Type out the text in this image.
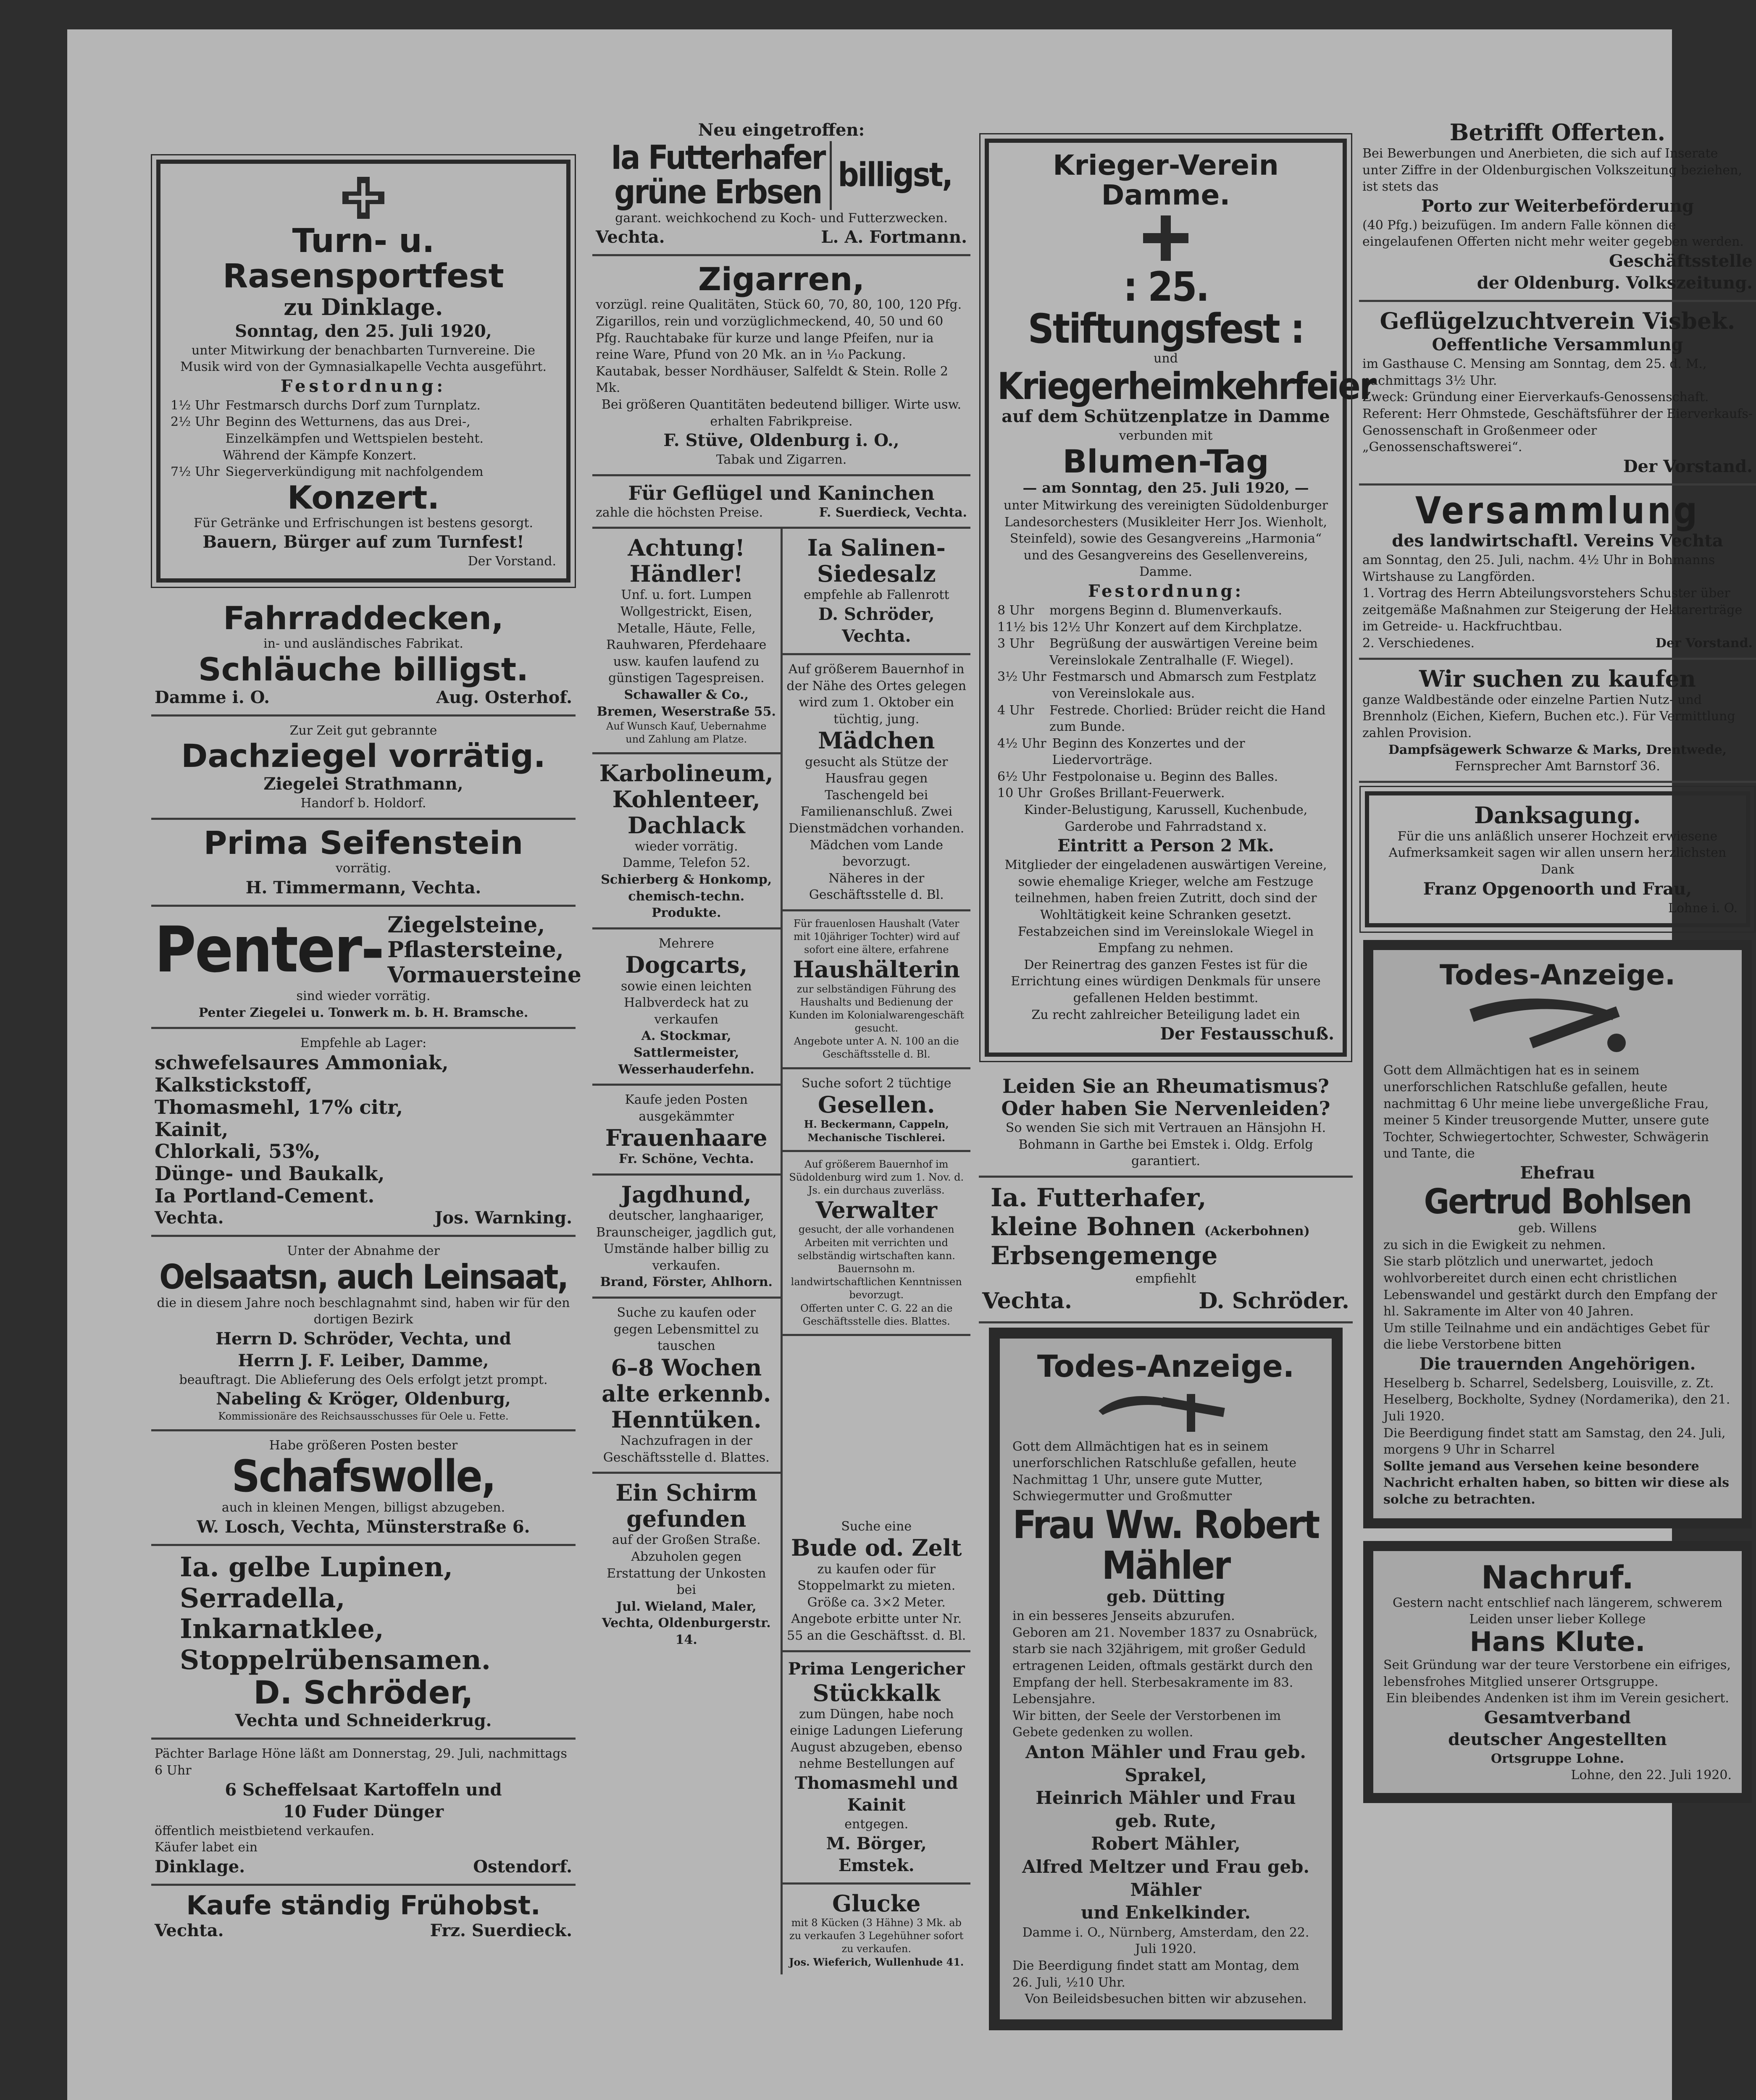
Turn- u. Rasensportfest
zu Dinklage.
Sonntag, den 25. Juli 1920,
unter Mitwirkung der benachbarten Turnvereine. Die Musik wird von der Gymnasialkapelle Vechta ausgeführt.
Festordnung:
1½ Uhr Festmarsch durchs Dorf zum Turnplatz.
2½ Uhr Beginn des Wetturnens, das aus Drei-, Einzelkämpfen und Wettspielen besteht.
Während der Kämpfe Konzert.
7½ Uhr Siegerverkündigung mit nachfolgendem
Konzert.
Für Getränke und Erfrischungen ist bestens gesorgt.
Bauern, Bürger auf zum Turnfest!
Der Vorstand.
Fahrraddecken,
in- und ausländisches Fabrikat.
Schläuche billigst.
Damme i. O.	Aug. Osterhof.
Zur Zeit gut gebrannte
Dachziegel vorrätig.
Ziegelei Strathmann,
Handorf b. Holdorf.
Prima Seifenstein
vorrätig.
H. Timmermann, Vechta.
Penter- Ziegelsteine,
Pflastersteine,
Vormauersteine
sind wieder vorrätig.
Penter Ziegelei u. Tonwerk m. b. H. Bramsche.
Empfehle ab Lager:
schwefelsaures Ammoniak,
Kalkstickstoff,
Thomasmehl, 17% citr,
Kainit,
Chlorkali, 53%,
Dünge- und Baukalk,
Ia Portland-Cement.
Vechta.	Jos. Warnking.
Unter der Abnahme der
Oelsaatsn, auch Leinsaat,
die in diesem Jahre noch beschlagnahmt sind, haben wir für den dortigen Bezirk
Herrn D. Schröder, Vechta, und
Herrn J. F. Leiber, Damme,
beauftragt. Die Ablieferung des Oels erfolgt jetzt prompt.
Nabeling & Kröger, Oldenburg,
Kommissionäre des Reichsausschusses für Oele u. Fette.
Habe größeren Posten bester
Schafswolle,
auch in kleinen Mengen, billigst abzugeben.
W. Losch, Vechta, Münsterstraße 6.
Ia. gelbe Lupinen,
Serradella,
Inkarnatklee,
Stoppelrübensamen.
D. Schröder,
Vechta und Schneiderkrug.
Pächter Barlage Höne läßt am Donnerstag, 29. Juli, nachmittags 6 Uhr
6 Scheffelsaat Kartoffeln und
10 Fuder Dünger
öffentlich meistbietend verkaufen.
Käufer labet ein
Dinklage.	Ostendorf.
Kaufe ständig Frühobst.
Vechta.	Frz. Suerdieck.
Neu eingetroffen:
Ia Futterhafer
grüne Erbsen billigst,
garant. weichkochend zu Koch- und Futterzwecken.
Vechta.	L. A. Fortmann.
Zigarren,
vorzügl. reine Qualitäten, Stück 60, 70, 80, 100, 120 Pfg. Zigarillos, rein und vorzüglichmeckend, 40, 50 und 60 Pfg. Rauchtabake für kurze und lange Pfeifen, nur ia reine Ware, Pfund von 20 Mk. an in ¹⁄₁₀ Packung. Kautabak, besser Nordhäuser, Salfeldt & Stein. Rolle 2 Mk.
Bei größeren Quantitäten bedeutend billiger. Wirte usw. erhalten Fabrikpreise.
F. Stüve, Oldenburg i. O.,
Tabak und Zigarren.
Für Geflügel und Kaninchen
zahle die höchsten Preise.	F. Suerdieck, Vechta.
Achtung!
Händler!
Unf. u. fort. Lumpen Wollgestrickt, Eisen, Metalle, Häute, Felle, Rauhwaren, Pferdehaare usw. kaufen laufend zu günstigen Tagespreisen.
Schawaller & Co., Bremen, Weserstraße 55.
Auf Wunsch Kauf, Uebernahme und Zahlung am Platze.
Karbolineum,
Kohlenteer,
Dachlack
wieder vorrätig.
Damme, Telefon 52.
Schierberg & Honkomp, chemisch-techn. Produkte.
Mehrere
Dogcarts,
sowie einen leichten Halbverdeck hat zu verkaufen
A. Stockmar, Sattlermeister, Wesserhauderfehn.
Kaufe jeden Posten ausgekämmter
Frauenhaare
Fr. Schöne, Vechta.
Jagdhund,
deutscher, langhaariger, Braunscheiger, jagdlich gut, Umstände halber billig zu verkaufen.
Brand, Förster, Ahlhorn.
Suche zu kaufen oder gegen Lebensmittel zu tauschen
6–8 Wochen
alte erkennb.
Henntüken.
Nachzufragen in der Geschäftsstelle d. Blattes.
Ein Schirm
gefunden
auf der Großen Straße. Abzuholen gegen Erstattung der Unkosten bei
Jul. Wieland, Maler, Vechta, Oldenburgerstr. 14.
Ia Salinen-
Siedesalz
empfehle ab Fallenrott
D. Schröder, Vechta.
Auf größerem Bauernhof in der Nähe des Ortes gelegen wird zum 1. Oktober ein tüchtig, jung.
Mädchen
gesucht als Stütze der Hausfrau gegen Taschengeld bei Familienanschluß. Zwei Dienstmädchen vorhanden. Mädchen vom Lande bevorzugt.
Näheres in der Geschäftsstelle d. Bl.
Für frauenlosen Haushalt (Vater mit 10jähriger Tochter) wird auf sofort eine ältere, erfahrene
Haushälterin
zur selbständigen Führung des Haushalts und Bedienung der Kunden im Kolonialwarengeschäft gesucht.
Angebote unter A. N. 100 an die Geschäftsstelle d. Bl.
Suche sofort 2 tüchtige
Gesellen.
H. Beckermann, Cappeln, Mechanische Tischlerei.
Auf größerem Bauernhof im Südoldenburg wird zum 1. Nov. d. Js. ein durchaus zuverläss.
Verwalter
gesucht, der alle vorhandenen Arbeiten mit verrichten und selbständig wirtschaften kann. Bauernsohn m. landwirtschaftlichen Kenntnissen bevorzugt.
Offerten unter C. G. 22 an die Geschäftsstelle dies. Blattes.
Suche eine
Bude od. Zelt
zu kaufen oder für Stoppelmarkt zu mieten. Größe ca. 3×2 Meter. Angebote erbitte unter Nr. 55 an die Geschäftsst. d. Bl.
Prima Lengericher
Stückkalk
zum Düngen, habe noch einige Ladungen Lieferung August abzugeben, ebenso nehme Bestellungen auf
Thomasmehl und Kainit
entgegen.
M. Börger, Emstek.
Glucke
mit 8 Kücken (3 Hähne) 3 Mk. ab zu verkaufen 3 Legehühner sofort zu verkaufen.
Jos. Wieferich, Wullenhude 41.
Krieger-Verein Damme.
: 25. Stiftungsfest :
und
Kriegerheimkehrfeier
auf dem Schützenplatze in Damme
verbunden mit
Blumen-Tag
— am Sonntag, den 25. Juli 1920, —
unter Mitwirkung des vereinigten Südoldenburger Landesorchesters (Musikleiter Herr Jos. Wienholt, Steinfeld), sowie des Gesangvereins „Harmonia“ und des Gesangvereins des Gesellenvereins, Damme.
Festordnung:
8 Uhr	morgens Beginn d. Blumenverkaufs.
11½ bis 12½ Uhr Konzert auf dem Kirchplatze.
3 Uhr	Begrüßung der auswärtigen Vereine beim Vereinslokale Zentralhalle (F. Wiegel).
3½ Uhr Festmarsch und Abmarsch zum Festplatz von Vereinslokale aus.
4 Uhr	Festrede. Chorlied: Brüder reicht die Hand zum Bunde.
4½ Uhr Beginn des Konzertes und der Liedervorträge.
6½ Uhr Festpolonaise u. Beginn des Balles.
10 Uhr Großes Brillant-Feuerwerk.
Kinder-Belustigung, Karussell, Kuchenbude, Garderobe und Fahrradstand x.
Eintritt a Person 2 Mk.
Mitglieder der eingeladenen auswärtigen Vereine, sowie ehemalige Krieger, welche am Festzuge teilnehmen, haben freien Zutritt, doch sind der Wohltätigkeit keine Schranken gesetzt. Festabzeichen sind im Vereinslokale Wiegel in Empfang zu nehmen.
Der Reinertrag des ganzen Festes ist für die Errichtung eines würdigen Denkmals für unsere gefallenen Helden bestimmt.
Zu recht zahlreicher Beteiligung ladet ein
Der Festausschuß.
Leiden Sie an Rheumatismus?
Oder haben Sie Nervenleiden?
So wenden Sie sich mit Vertrauen an Hänsjohn H. Bohmann in Garthe bei Emstek i. Oldg. Erfolg garantiert.
Ia. Futterhafer,
kleine Bohnen (Ackerbohnen)
Erbsengemenge
empfiehlt
Vechta.	D. Schröder.
Todes-Anzeige.
Gott dem Allmächtigen hat es in seinem unerforschlichen Ratschluße gefallen, heute Nachmittag 1 Uhr, unsere gute Mutter, Schwiegermutter und Großmutter
Frau Ww. Robert Mähler
geb. Dütting
in ein besseres Jenseits abzurufen.
Geboren am 21. November 1837 zu Osnabrück, starb sie nach 32jährigem, mit großer Geduld ertragenen Leiden, oftmals gestärkt durch den Empfang der hell. Sterbesakramente im 83. Lebensjahre.
Wir bitten, der Seele der Verstorbenen im Gebete gedenken zu wollen.
Anton Mähler und Frau geb. Sprakel,
Heinrich Mähler und Frau geb. Rute,
Robert Mähler,
Alfred Meltzer und Frau geb. Mähler
und Enkelkinder.
Damme i. O., Nürnberg, Amsterdam, den 22. Juli 1920.
Die Beerdigung findet statt am Montag, dem 26. Juli, ½10 Uhr.
Von Beileidsbesuchen bitten wir abzusehen.
Betrifft Offerten.
Bei Bewerbungen und Anerbieten, die sich auf Inserate unter Ziffre in der Oldenburgischen Volkszeitung beziehen, ist stets das
Porto zur Weiterbeförderung
(40 Pfg.) beizufügen. Im andern Falle können die eingelaufenen Offerten nicht mehr weiter gegeben werden.
Geschäftsstelle
der Oldenburg. Volkszeitung.
Geflügelzuchtverein Visbek.
Oeffentliche Versammlung
im Gasthause C. Mensing am Sonntag, dem 25. d. M., nachmittags 3½ Uhr.
Zweck: Gründung einer Eierverkaufs-Genossenschaft. Referent: Herr Ohmstede, Geschäftsführer der Eierverkaufs-Genossenschaft in Großenmeer oder „Genossenschaftswerei“.
Der Vorstand.
Versammlung
des landwirtschaftl. Vereins Vechta
am Sonntag, den 25. Juli, nachm. 4½ Uhr in Bohmanns Wirtshause zu Langförden.
1. Vortrag des Herrn Abteilungsvorstehers Schuster über zeitgemäße Maßnahmen zur Steigerung der Hektarerträge im Getreide- u. Hackfruchtbau.
2. Verschiedenes.	Der Vorstand.
Wir suchen zu kaufen
ganze Waldbestände oder einzelne Partien Nutz- und Brennholz (Eichen, Kiefern, Buchen etc.). Für Vermittlung zahlen Provision.
Dampfsägewerk Schwarze & Marks, Drentwede,
Fernsprecher Amt Barnstorf 36.
Danksagung.
Für die uns anläßlich unserer Hochzeit erwiesene Aufmerksamkeit sagen wir allen unsern herzlichsten Dank
Franz Opgenoorth und Frau,
Lohne i. O.
Todes-Anzeige.
Gott dem Allmächtigen hat es in seinem unerforschlichen Ratschluße gefallen, heute nachmittag 6 Uhr meine liebe unvergeßliche Frau, meiner 5 Kinder treusorgende Mutter, unsere gute Tochter, Schwiegertochter, Schwester, Schwägerin und Tante, die
Ehefrau
Gertrud Bohlsen
geb. Willens
zu sich in die Ewigkeit zu nehmen.
Sie starb plötzlich und unerwartet, jedoch wohlvorbereitet durch einen echt christlichen Lebenswandel und gestärkt durch den Empfang der hl. Sakramente im Alter von 40 Jahren.
Um stille Teilnahme und ein andächtiges Gebet für die liebe Verstorbene bitten
Die trauernden Angehörigen.
Heselberg b. Scharrel, Sedelsberg, Louisville, z. Zt. Heselberg, Bockholte, Sydney (Nordamerika), den 21. Juli 1920.
Die Beerdigung findet statt am Samstag, den 24. Juli, morgens 9 Uhr in Scharrel
Sollte jemand aus Versehen keine besondere Nachricht erhalten haben, so bitten wir diese als solche zu betrachten.
Nachruf.
Gestern nacht entschlief nach längerem, schwerem Leiden unser lieber Kollege
Hans Klute.
Seit Gründung war der teure Verstorbene ein eifriges, lebensfrohes Mitglied unserer Ortsgruppe.
Ein bleibendes Andenken ist ihm im Verein gesichert.
Gesamtverband
deutscher Angestellten
Ortsgruppe Lohne.
Lohne, den 22. Juli 1920.
